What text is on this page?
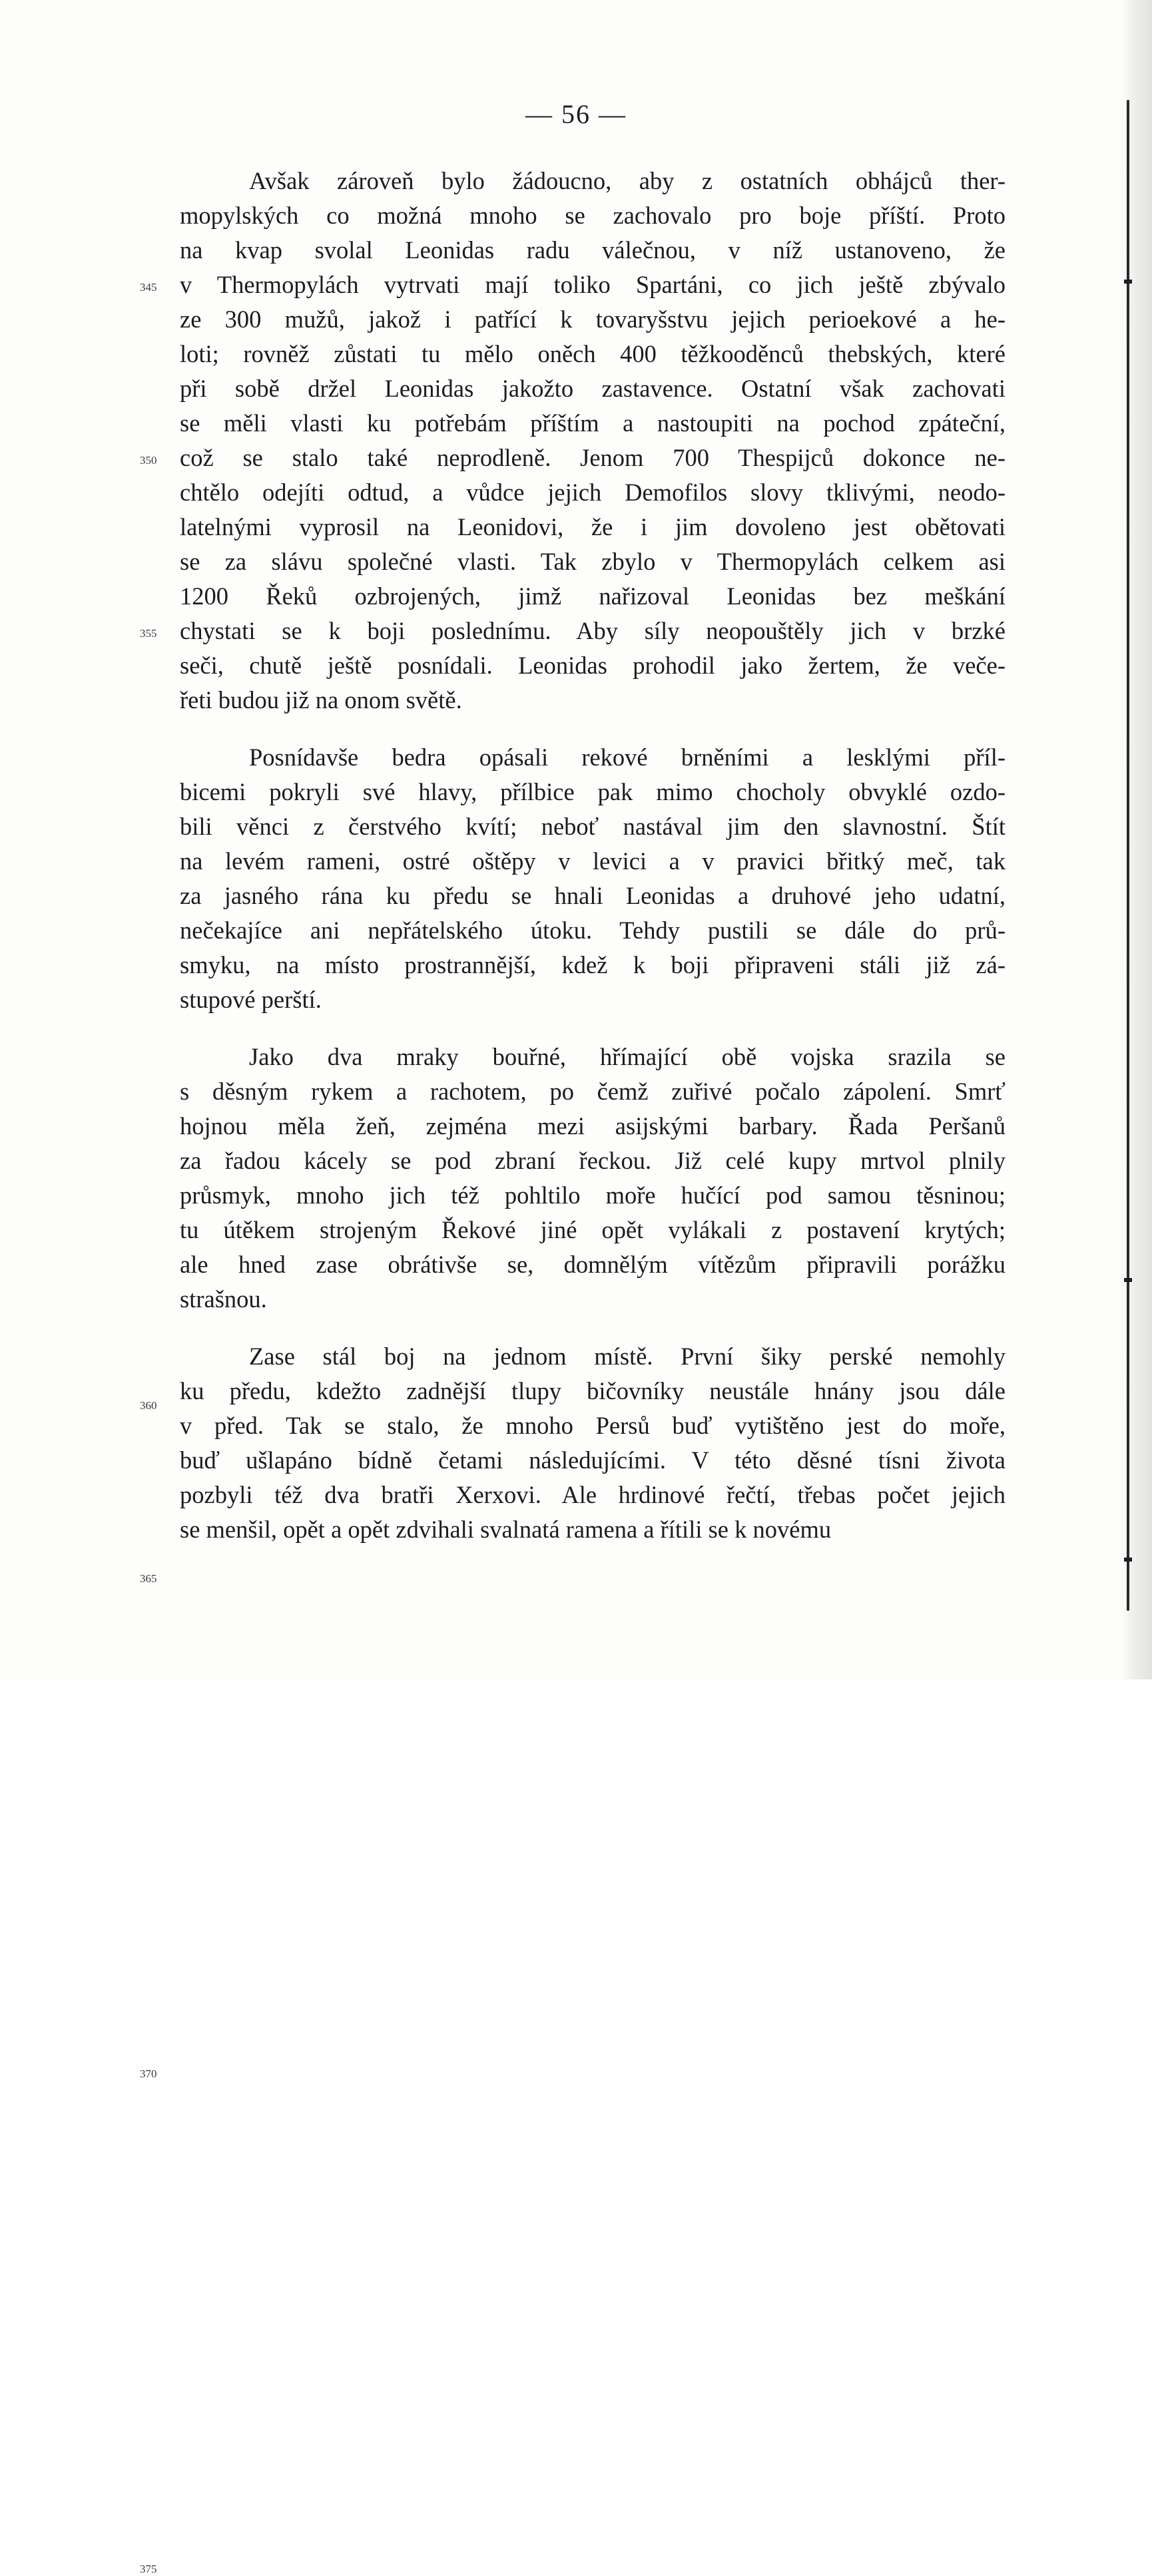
— 56 —
Avšak zároveň bylo žádoucno, aby z ostatních obhájců ther-
mopylských co možná mnoho se zachovalo pro boje příští. Proto
na kvap svolal Leonidas radu válečnou, v níž ustanoveno, že
v Thermopylách vytrvati mají toliko Spartáni, co jich ještě zbývalo
ze 300 mužů, jakož i patřící k tovaryšstvu jejich perioekové a he-
loti; rovněž zůstati tu mělo oněch 400 těžkooděnců thebských, které
při sobě držel Leonidas jakožto zastavence. Ostatní však zachovati
se měli vlasti ku potřebám příštím a nastoupiti na pochod zpáteční,
což se stalo také neprodleně. Jenom 700 Thespijců dokonce ne-
chtělo odejíti odtud, a vůdce jejich Demofilos slovy tklivými, neodo-
latelnými vyprosil na Leonidovi, že i jim dovoleno jest obětovati
se za slávu společné vlasti. Tak zbylo v Thermopylách celkem asi
1200 Řeků ozbrojených, jimž nařizoval Leonidas bez meškání
chystati se k boji poslednímu. Aby síly neopouštěly jich v brzké
seči, chutě ještě posnídali. Leonidas prohodil jako žertem, že veče-
řeti budou již na onom světě.
Posnídavše bedra opásali rekové brněními a lesklými příl-
bicemi pokryli své hlavy, přílbice pak mimo chocholy obvyklé ozdo-
bili věnci z čerstvého kvítí; neboť nastával jim den slavnostní. Štít
na levém rameni, ostré oštěpy v levici a v pravici břitký meč, tak
za jasného rána ku předu se hnali Leonidas a druhové jeho udatní,
nečekajíce ani nepřátelského útoku. Tehdy pustili se dále do prů-
smyku, na místo prostrannější, kdež k boji připraveni stáli již zá-
stupové perští.
Jako dva mraky bouřné, hřímající obě vojska srazila se
s děsným rykem a rachotem, po čemž zuřivé počalo zápolení. Smrť
hojnou měla žeň, zejména mezi asijskými barbary. Řada Peršanů
za řadou kácely se pod zbraní řeckou. Již celé kupy mrtvol plnily
průsmyk, mnoho jich též pohltilo moře hučící pod samou těsninou;
tu útěkem strojeným Řekové jiné opět vylákali z postavení krytých;
ale hned zase obrátivše se, domnělým vítězům připravili porážku
strašnou.
Zase stál boj na jednom místě. První šiky perské nemohly
ku předu, kdežto zadnější tlupy bičovníky neustále hnány jsou dále
v před. Tak se stalo, že mnoho Persů buď vytištěno jest do moře,
buď ušlapáno bídně četami následujícími. V této děsné tísni života
pozbyli též dva bratři Xerxovi. Ale hrdinové řečtí, třebas počet jejich
se menšil, opět a opět zdvihali svalnatá ramena a řítili se k novému
345
350
355
360
365
370
375
